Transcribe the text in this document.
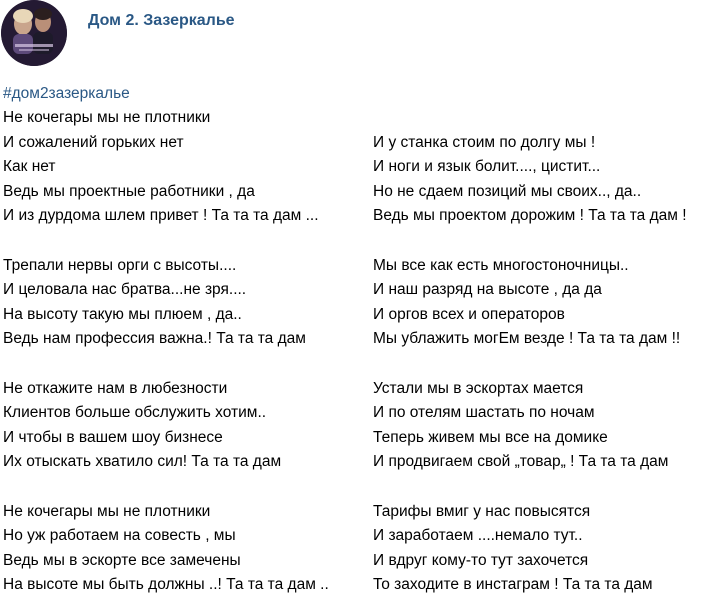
Дом 2. Зазеркалье
#дом2зазеркалье
Не кочегары мы не плотники
И сожалений горьких нет
Как нет
Ведь мы проектные работники , да
И из дурдома шлем привет ! Та та та дам ...
Трепали нервы орги с высоты....
И целовала нас братва...не зря....
На высоту такую мы плюем , да..
Ведь нам профессия важна.! Та та та дам
Не откажите нам в любезности
Клиентов больше обслужить хотим..
И чтобы в вашем шоу бизнесе
Их отыскать хватило сил! Та та та дам
Не кочегары мы не плотники
Но уж работаем на совесть , мы
Ведь мы в эскорте все замечены
На высоте мы быть должны ..! Та та та дам ..
И у станка стоим по долгу мы !
И ноги и язык болит...., цистит...
Но не сдаем позиций мы своих.., да..
Ведь мы проектом дорожим ! Та та та дам !
Мы все как есть многостоночницы..
И наш разряд на высоте , да да
И оргов всех и операторов
Мы ублажить могЕм везде ! Та та та дам !!
Устали мы в эскортах мается
И по отелям шастать по ночам
Теперь живем мы все на домике
И продвигаем свой „товар„ ! Та та та дам
Тарифы вмиг у нас повысятся
И заработаем ....немало тут..
И вдруг кому-то тут захочется
То заходите в инстаграм ! Та та та дам
